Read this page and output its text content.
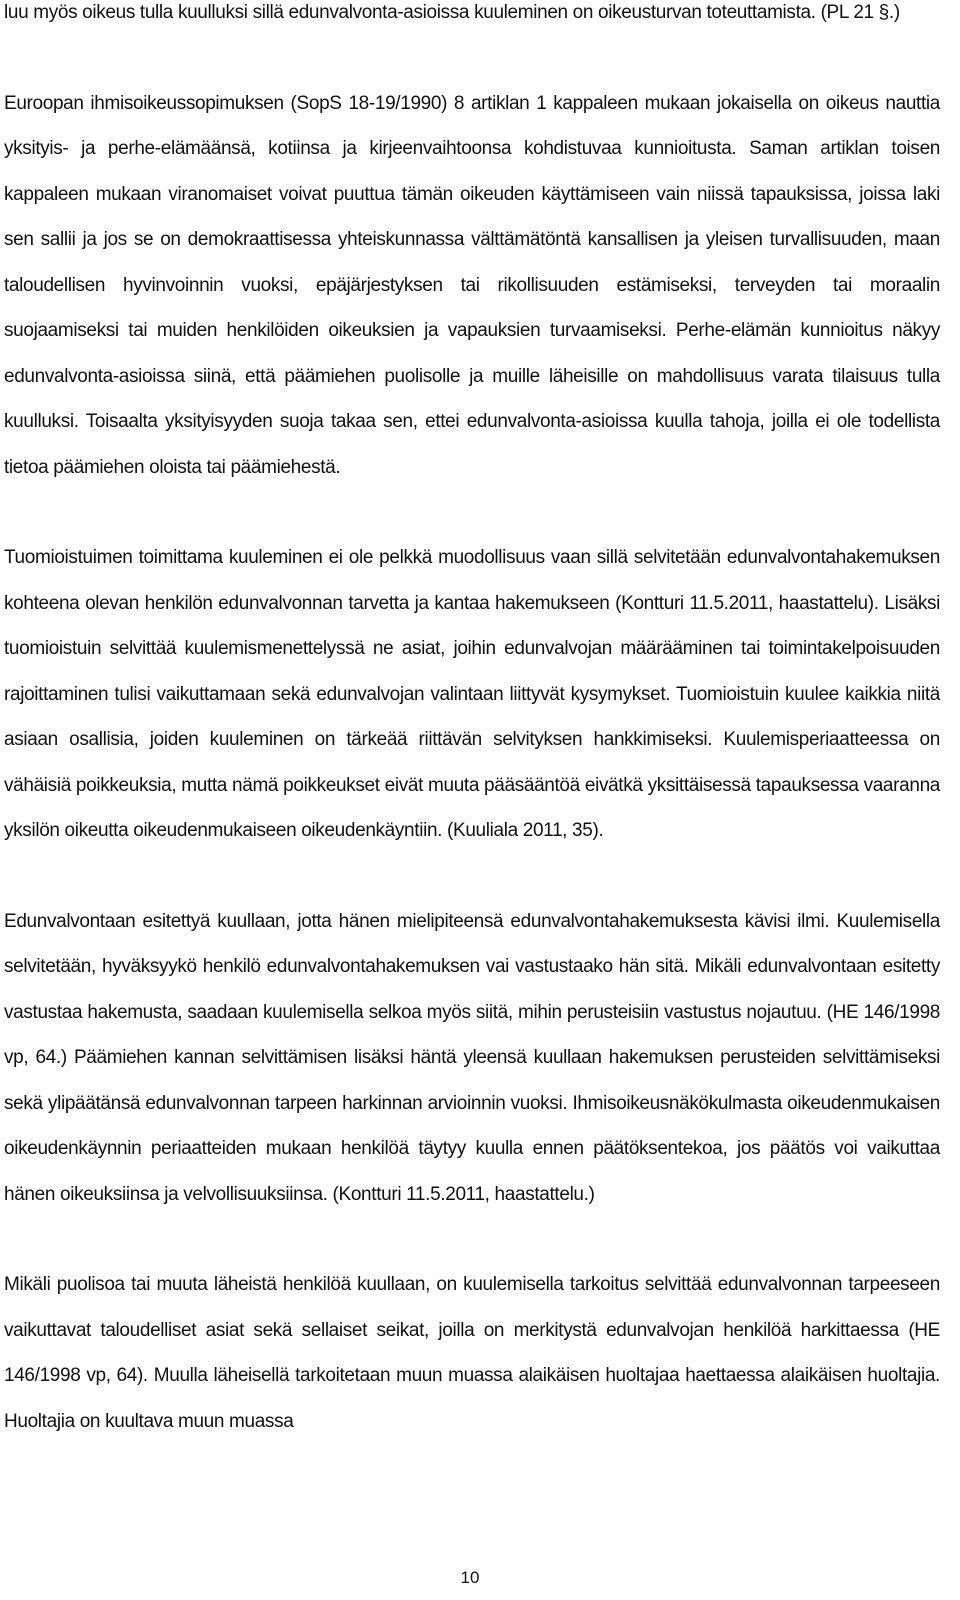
luu myös oikeus tulla kuulluksi sillä edunvalvonta-asioissa kuuleminen on oikeusturvan toteuttamista. (PL 21 §.)

Euroopan ihmisoikeussopimuksen (SopS 18-19/1990) 8 artiklan 1 kappaleen mukaan jokaisella on oikeus nauttia yksityis- ja perhe-elämäänsä, kotiinsa ja kirjeenvaihtoonsa kohdistuvaa kunnioitusta. Saman artiklan toisen kappaleen mukaan viranomaiset voivat puuttua tämän oikeuden käyttämiseen vain niissä tapauksissa, joissa laki sen sallii ja jos se on demokraattisessa yhteiskunnassa välttämätöntä kansallisen ja yleisen turvallisuuden, maan taloudellisen hyvinvoinnin vuoksi, epäjärjestyksen tai rikollisuuden estämiseksi, terveyden tai moraalin suojaamiseksi tai muiden henkilöiden oikeuksien ja vapauksien turvaamiseksi. Perhe-elämän kunnioitus näkyy edunvalvonta-asioissa siinä, että päämiehen puolisolle ja muille läheisille on mahdollisuus varata tilaisuus tulla kuulluksi. Toisaalta yksityisyyden suoja takaa sen, ettei edunvalvonta-asioissa kuulla tahoja, joilla ei ole todellista tietoa päämiehen oloista tai päämiehestä.

Tuomioistuimen toimittama kuuleminen ei ole pelkkä muodollisuus vaan sillä selvitetään edunvalvontahakemuksen kohteena olevan henkilön edunvalvonnan tarvetta ja kantaa hakemukseen (Kontturi 11.5.2011, haastattelu). Lisäksi tuomioistuin selvittää kuulemismenettelyssä ne asiat, joihin edunvalvojan määrääminen tai toimintakelpoisuuden rajoittaminen tulisi vaikuttamaan sekä edunvalvojan valintaan liittyvät kysymykset. Tuomioistuin kuulee kaikkia niitä asiaan osallisia, joiden kuuleminen on tärkeää riittävän selvityksen hankkimiseksi. Kuulemisperiaatteessa on vähäisiä poikkeuksia, mutta nämä poikkeukset eivät muuta pääsääntöä eivätkä yksittäisessä tapauksessa vaaranna yksilön oikeutta oikeudenmukaiseen oikeudenkäyntiin. (Kuuliala 2011, 35).

Edunvalvontaan esitettyä kuullaan, jotta hänen mielipiteensä edunvalvontahakemuksesta kävisi ilmi. Kuulemisella selvitetään, hyväksyykö henkilö edunvalvontahakemuksen vai vastustaako hän sitä. Mikäli edunvalvontaan esitetty vastustaa hakemusta, saadaan kuulemisella selkoa myös siitä, mihin perusteisiin vastustus nojautuu. (HE 146/1998 vp, 64.) Päämiehen kannan selvittämisen lisäksi häntä yleensä kuullaan hakemuksen perusteiden selvittämiseksi sekä ylipäätänsä edunvalvonnan tarpeen harkinnan arvioinnin vuoksi. Ihmisoikeusnäkökulmasta oikeudenmukaisen oikeudenkäynnin periaatteiden mukaan henkilöä täytyy kuulla ennen päätöksentekoa, jos päätös voi vaikuttaa hänen oikeuksiinsa ja velvollisuuksiinsa. (Kontturi 11.5.2011, haastattelu.)

Mikäli puolisoa tai muuta läheistä henkilöä kuullaan, on kuulemisella tarkoitus selvittää edunvalvonnan tarpeeseen vaikuttavat taloudelliset asiat sekä sellaiset seikat, joilla on merkitystä edunvalvojan henkilöä harkittaessa (HE 146/1998 vp, 64). Muulla läheisellä tarkoitetaan muun muassa alaikäisen huoltajaa haettaessa alaikäisen huoltajia. Huoltajia on kuultava muun muassa

10
